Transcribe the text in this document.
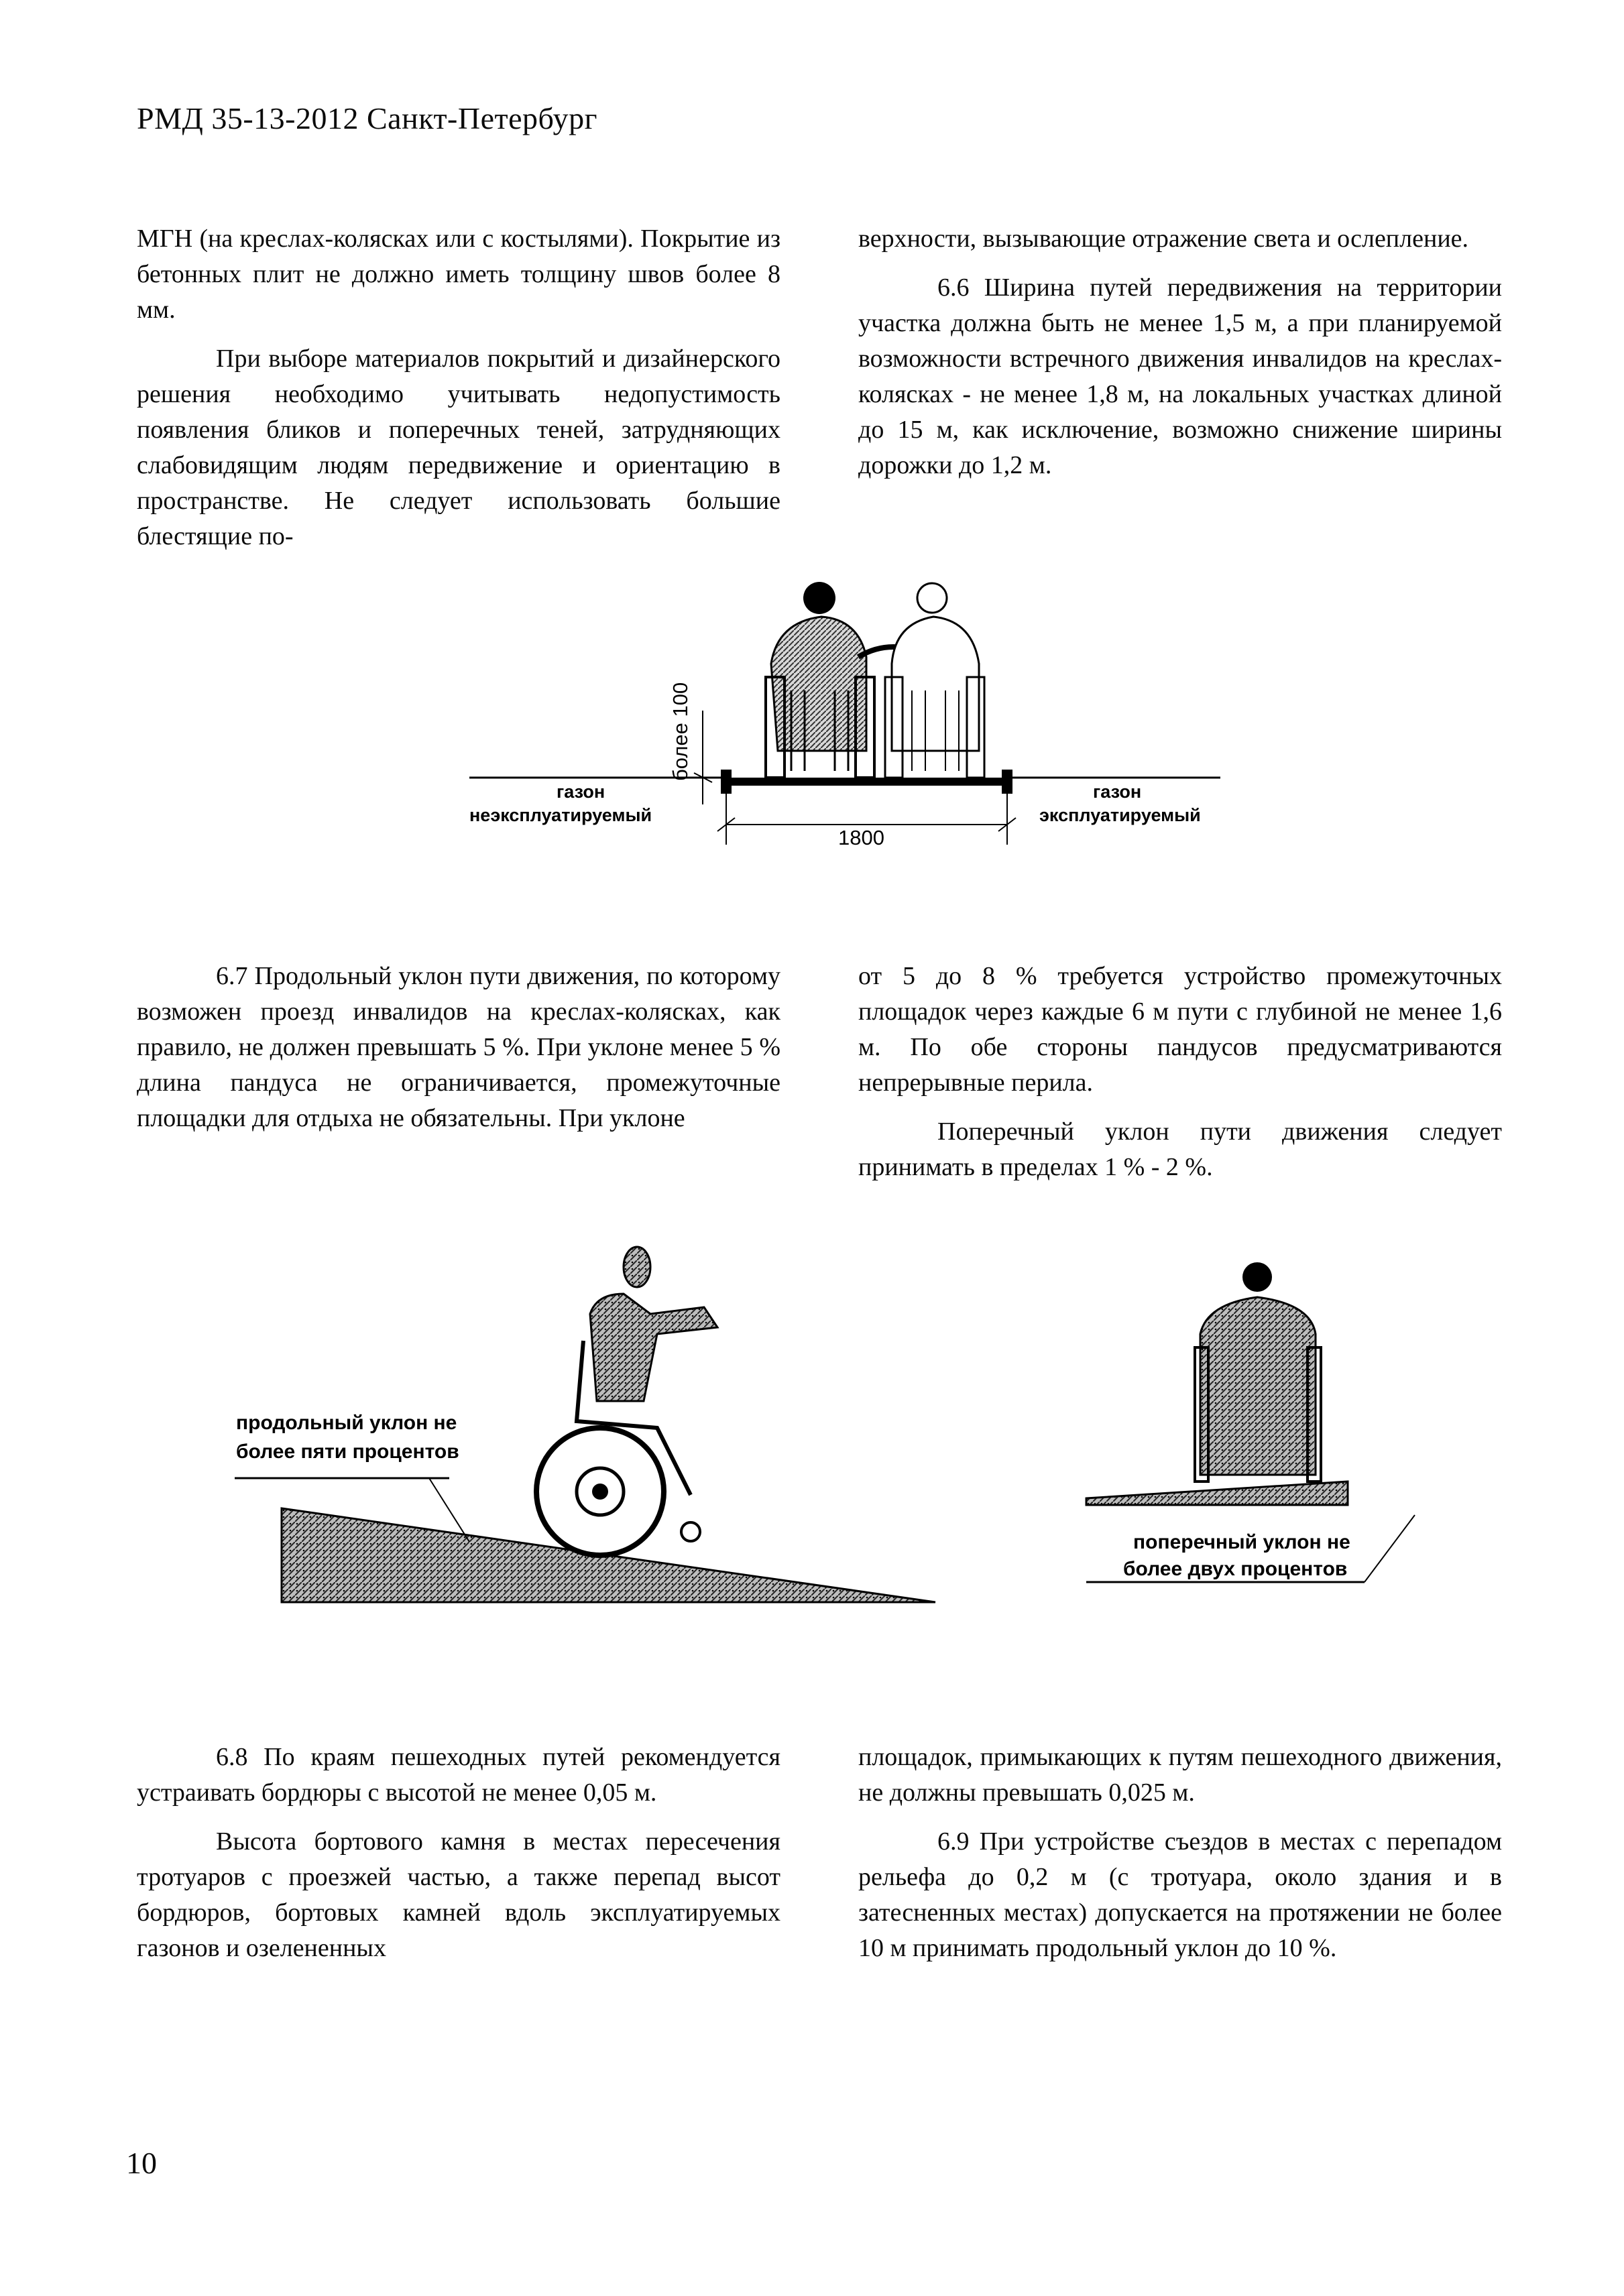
РМД 35-13-2012 Санкт-Петербург

МГН (на креслах-колясках или с костылями). Покрытие из бетонных плит не должно иметь толщину швов более 8 мм.

При выборе материалов покрытий и дизайнерского решения необходимо учитывать недопустимость появления бликов и поперечных теней, затрудняющих слабовидящим людям передвижение и ориентацию в пространстве. Не следует использовать большие блестящие по-

верхности, вызывающие отражение света и ослепление.

6.6 Ширина путей передвижения на территории участка должна быть не менее 1,5 м, а при планируемой возможности встречного движения инвалидов на креслах-колясках - не менее 1,8 м, на локальных участках длиной до 15 м, как исключение, возможно снижение ширины дорожки до 1,2 м.

более 100
1800
газон
неэксплуатируемый
газон
эксплуатируемый

6.7 Продольный уклон пути движения, по которому возможен проезд инвалидов на креслах-колясках, как правило, не должен превышать 5 %. При уклоне менее 5 % длина пандуса не ограничивается, промежуточные площадки для отдыха не обязательны. При уклоне

от 5 до 8 % требуется устройство промежуточных площадок через каждые 6 м пути с глубиной не менее 1,6 м. По обе стороны пандусов предусматриваются непрерывные перила.

Поперечный уклон пути движения следует принимать в пределах 1 % - 2 %.

продольный уклон не
более пяти процентов
поперечный уклон не
более двух процентов

6.8 По краям пешеходных путей рекомендуется устраивать бордюры с высотой не менее 0,05 м.

Высота бортового камня в местах пересечения тротуаров с проезжей частью, а также перепад высот бордюров, бортовых камней вдоль эксплуатируемых газонов и озелененных

площадок, примыкающих к путям пешеходного движения, не должны превышать 0,025 м.

6.9 При устройстве съездов в местах с перепадом рельефа до 0,2 м (с тротуара, около здания и в затесненных местах) допускается на протяжении не более 10 м принимать продольный уклон до 10 %.

10
